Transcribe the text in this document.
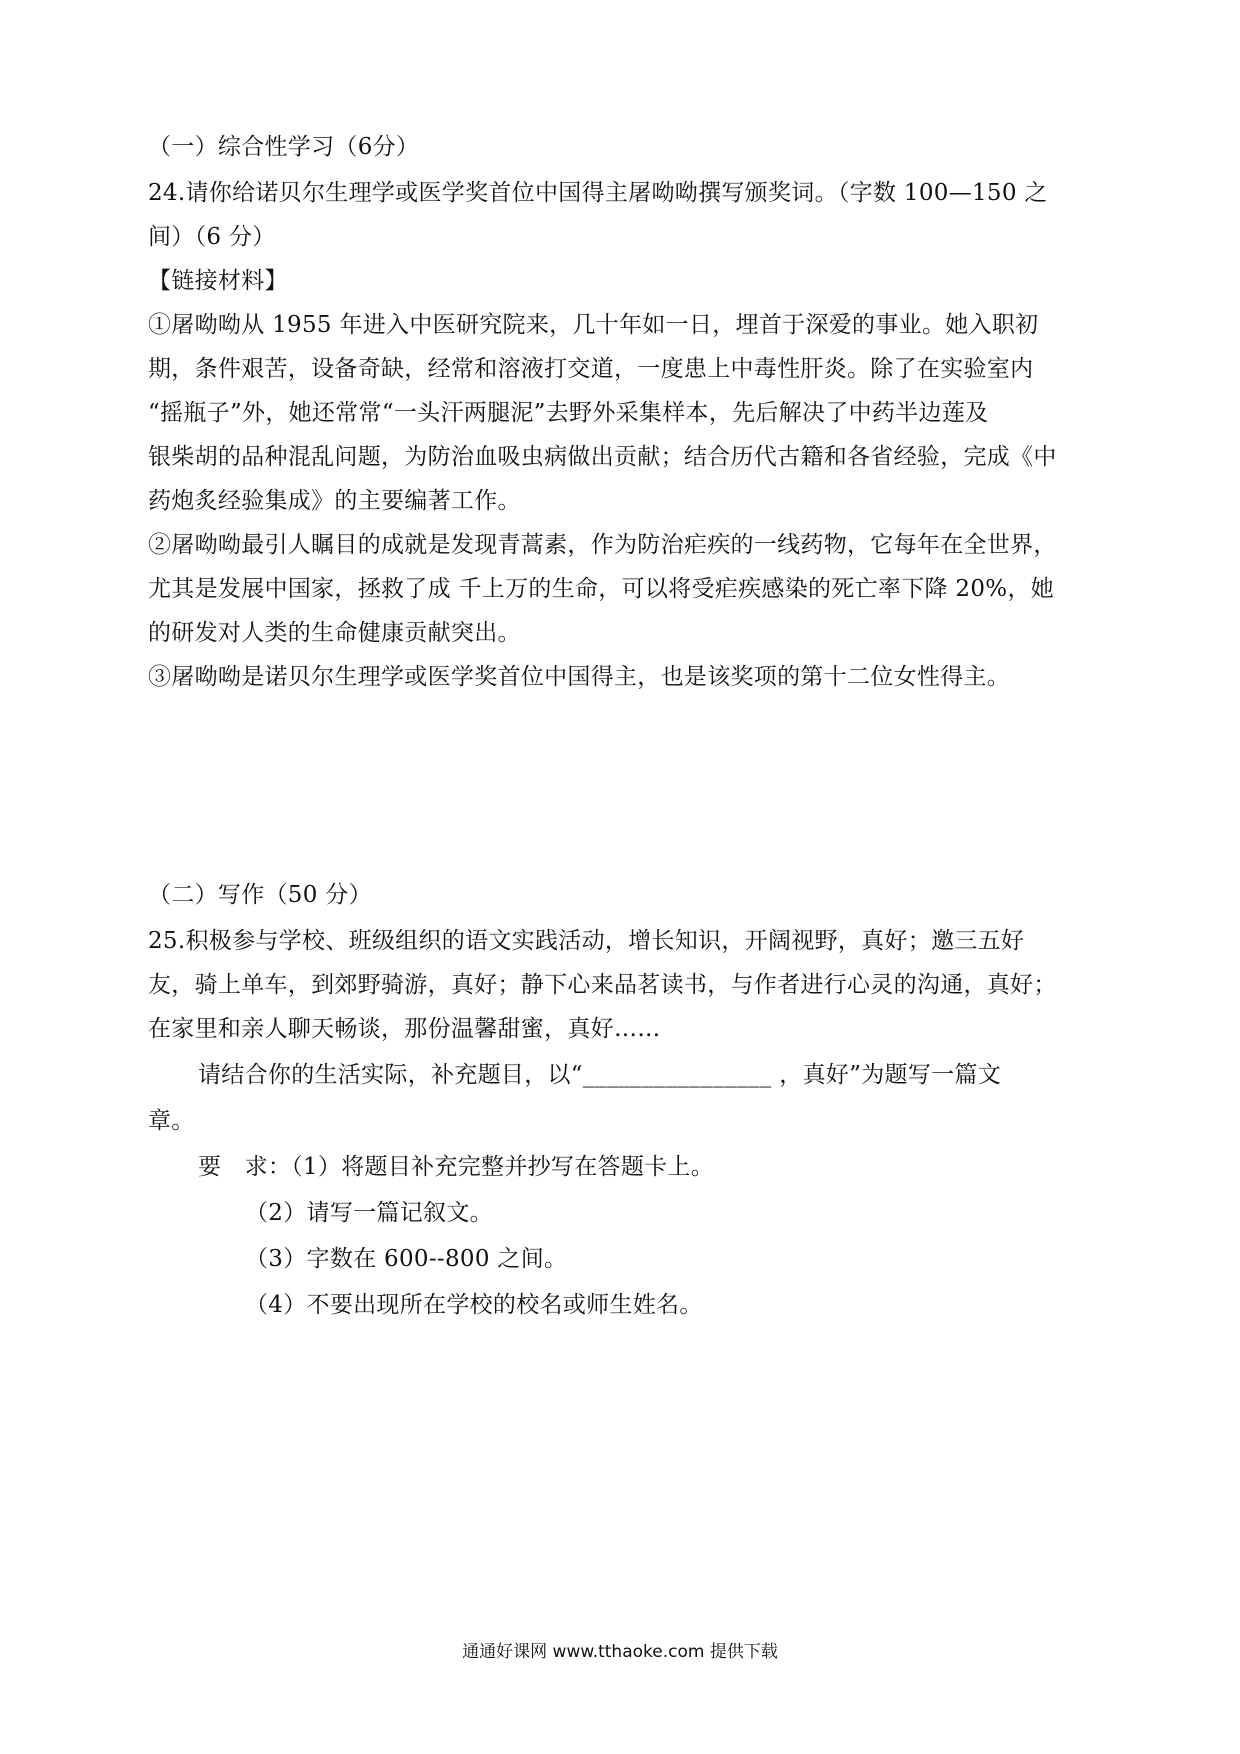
（一）综合性学习（6分）
24.请你给诺贝尔生理学或医学奖首位中国得主屠呦呦撰写颁奖词。（字数 100—150 之
间）（6 分）
【链接材料】
①屠呦呦从 1955 年进入中医研究院来，几十年如一日，埋首于深爱的事业。她入职初
期，条件艰苦，设备奇缺，经常和溶液打交道，一度患上中毒性肝炎。除了在实验室内
“摇瓶子”外，她还常常“一头汗两腿泥”去野外采集样本，先后解决了中药半边莲及
银柴胡的品种混乱问题，为防治血吸虫病做出贡献；结合历代古籍和各省经验，完成《中
药炮炙经验集成》的主要编著工作。
②屠呦呦最引人瞩目的成就是发现青蒿素，作为防治疟疾的一线药物，它每年在全世界，
尤其是发展中国家，拯救了成 千上万的生命，可以将受疟疾感染的死亡率下降 20%，她
的研发对人类的生命健康贡献突出。
③屠呦呦是诺贝尔生理学或医学奖首位中国得主，也是该奖项的第十二位女性得主。
（二）写作（50 分）
25.积极参与学校、班级组织的语文实践活动，增长知识，开阔视野，真好；邀三五好
友，骑上单车，到郊野骑游，真好；静下心来品茗读书，与作者进行心灵的沟通，真好；
在家里和亲人聊天畅谈，那份温馨甜蜜，真好……
请结合你的生活实际，补充题目，以“________________ ，真好”为题写一篇文
章。
要　求：（1）将题目补充完整并抄写在答题卡上。
（2）请写一篇记叙文。
（3）字数在 600--800 之间。
（4）不要出现所在学校的校名或师生姓名。
通通好课网 www.tthaoke.com 提供下载
